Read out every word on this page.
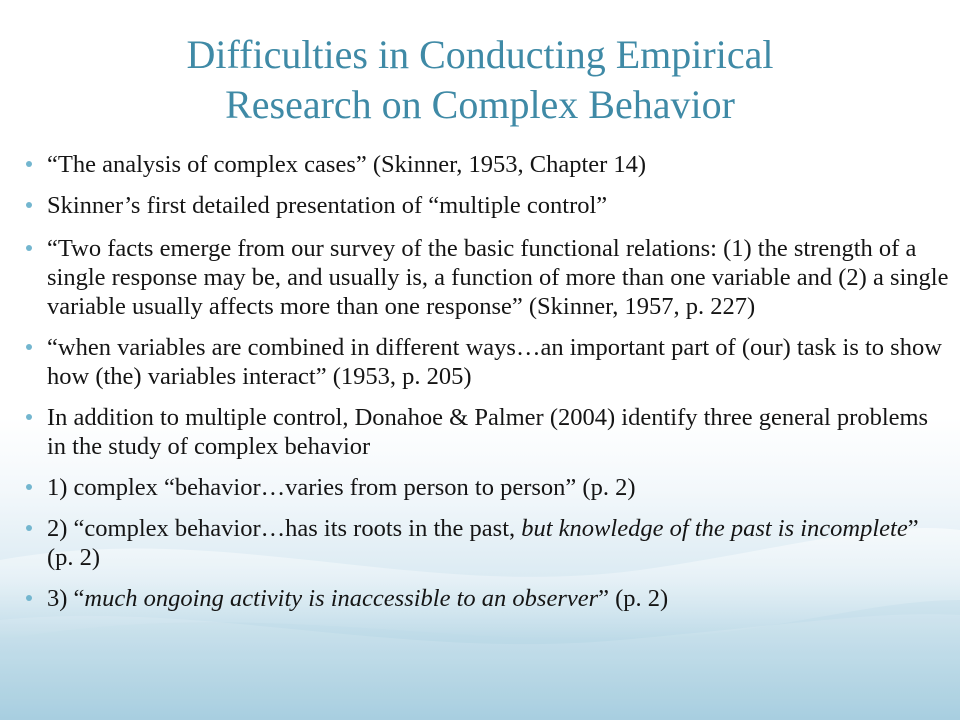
Difficulties in Conducting Empirical
Research on Complex Behavior
“The analysis of complex cases” (Skinner, 1953, Chapter 14)
Skinner’s first detailed presentation of “multiple control”
“Two facts emerge from our survey of the basic functional relations: (1) the strength of a single response may be, and usually is, a function of more than one variable and (2) a single variable usually affects more than one response” (Skinner, 1957, p. 227)
“when variables are combined in different ways…an important part of (our) task is to show how (the) variables interact” (1953, p. 205)
In addition to multiple control, Donahoe & Palmer (2004) identify three general problems in the study of complex behavior
1) complex “behavior…varies from person to person” (p. 2)
2) “complex behavior…has its roots in the past, but knowledge of the past is incomplete” (p. 2)
3) “much ongoing activity is inaccessible to an observer” (p. 2)
